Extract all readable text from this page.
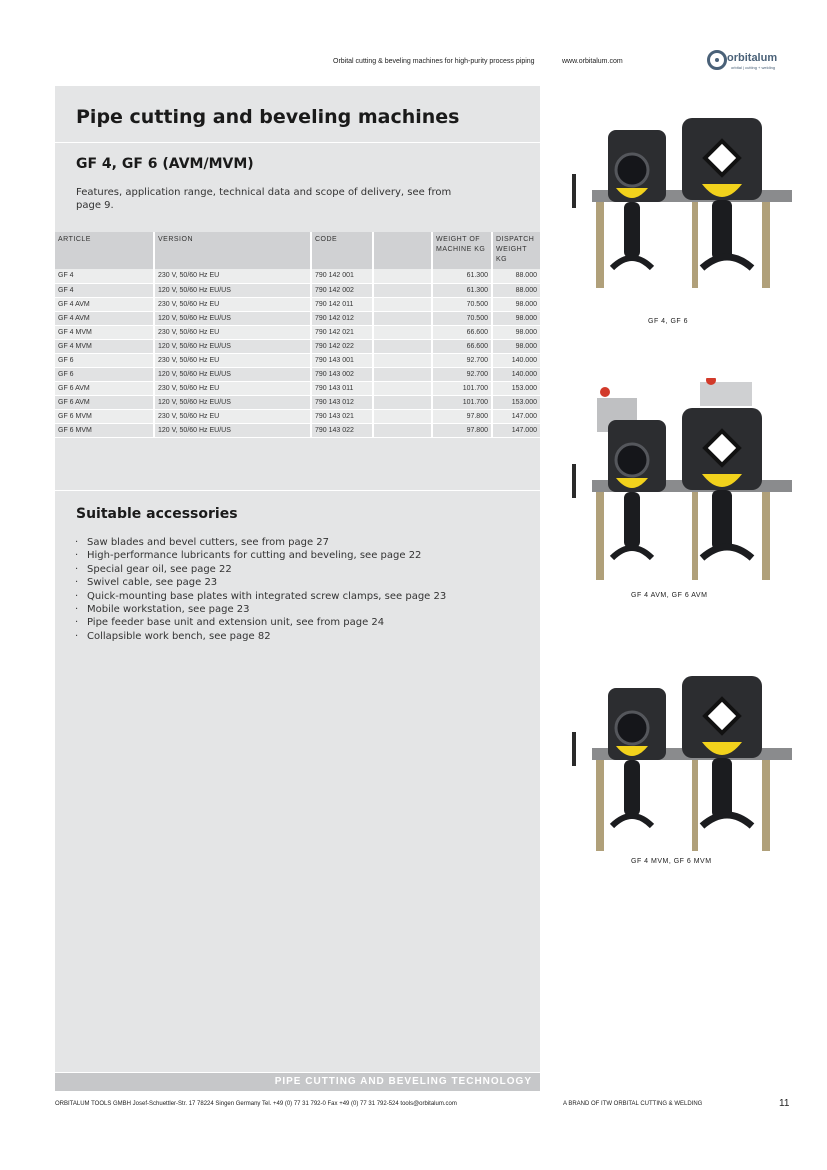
Orbital cutting & beveling machines for high-purity process piping	www.orbitalum.com	orbitalum
orbital | cutting + welding
Pipe cutting and beveling machines
GF 4, GF 6 (AVM/MVM)
Features, application range, technical data and scope of delivery, see from page 9.
ARTICLE	VERSION	CODE		WEIGHT OF MACHINE KG	DISPATCH WEIGHT KG
GF 4	230 V, 50/60 Hz EU	790 142 001		61.300	88.000
GF 4	120 V, 50/60 Hz EU/US	790 142 002		61.300	88.000
GF 4 AVM	230 V, 50/60 Hz EU	790 142 011		70.500	98.000
GF 4 AVM	120 V, 50/60 Hz EU/US	790 142 012		70.500	98.000
GF 4 MVM	230 V, 50/60 Hz EU	790 142 021		66.600	98.000
GF 4 MVM	120 V, 50/60 Hz EU/US	790 142 022		66.600	98.000
GF 6	230 V, 50/60 Hz EU	790 143 001		92.700	140.000
GF 6	120 V, 50/60 Hz EU/US	790 143 002		92.700	140.000
GF 6 AVM	230 V, 50/60 Hz EU	790 143 011		101.700	153.000
GF 6 AVM	120 V, 50/60 Hz EU/US	790 143 012		101.700	153.000
GF 6 MVM	230 V, 50/60 Hz EU	790 143 021		97.800	147.000
GF 6 MVM	120 V, 50/60 Hz EU/US	790 143 022		97.800	147.000
Suitable accessories
· Saw blades and bevel cutters, see from page 27
· High-performance lubricants for cutting and beveling, see page 22
· Special gear oil, see page 22
· Swivel cable, see page 23
· Quick-mounting base plates with integrated screw clamps, see page 23
· Mobile workstation, see page 23
· Pipe feeder base unit and extension unit, see from page 24
· Collapsible work bench, see page 82
PIPE CUTTING AND BEVELING TECHNOLOGY
ORBITALUM TOOLS GMBH Josef-Schuettler-Str. 17 78224 Singen Germany Tel. +49 (0) 77 31 792-0 Fax +49 (0) 77 31 792-524 tools@orbitalum.com	A BRAND OF ITW ORBITAL CUTTING & WELDING	11
GF 4, GF 6
GF 4 AVM, GF 6 AVM
GF 4 MVM, GF 6 MVM
